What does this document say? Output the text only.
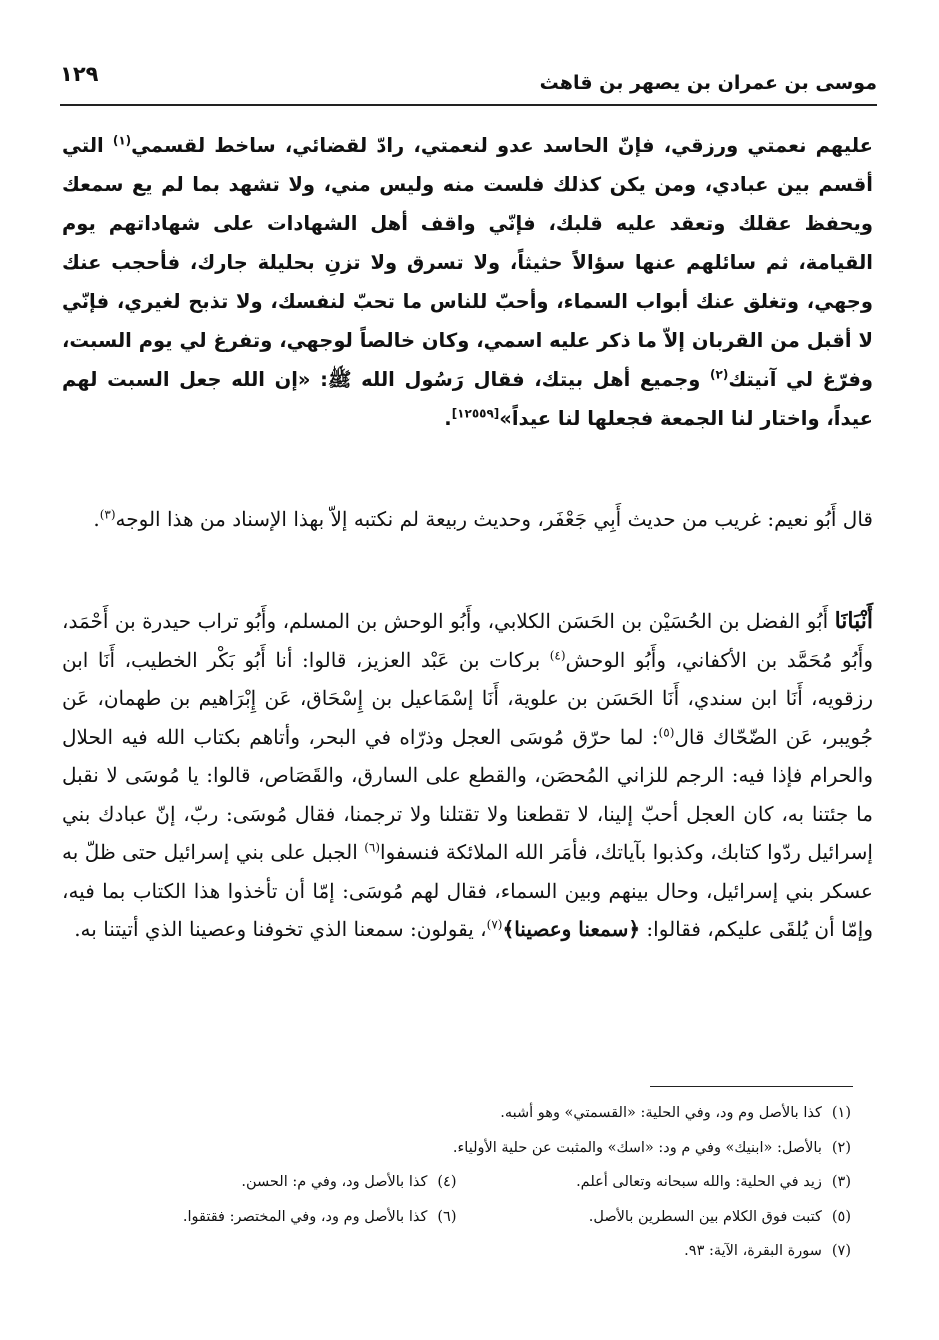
موسى بن عمران بن يصهر بن قاهث
١٢٩

عليهم نعمتي ورزقي، فإنّ الحاسد عدو لنعمتي، رادّ لقضائي، ساخط لقسمي$^{(١)}$ التي أقسم بين عبادي، ومن يكن كذلك فلست منه وليس مني، ولا تشهد بما لم يع سمعك ويحفظ عقلك وتعقد عليه قلبك، فإنّي واقف أهل الشهادات على شهاداتهم يوم القيامة، ثم سائلهم عنها سؤالاً حثيثاً، ولا تسرق ولا تزنِ بحليلة جارك، فأحجب عنك وجهي، وتغلق عنك أبواب السماء، وأحبّ للناس ما تحبّ لنفسك، ولا تذبح لغيري، فإنّي لا أقبل من القربان إلاّ ما ذكر عليه اسمي، وكان خالصاً لوجهي، وتفرغ لي يوم السبت، وفرّغ لي آنيتك$^{(٢)}$ وجميع أهل بيتك، فقال رَسُول الله ﷺ: «إن الله جعل السبت لهم عيداً، واختار لنا الجمعة فجعلها لنا عيداً»[١٢٥٥٩].

قال أَبُو نعيم: غريب من حديث أَبِي جَعْفَر، وحديث ربيعة لم نكتبه إلاّ بهذا الإسناد من هذا الوجه$^{(٣)}$.

أَنْبَانَا أَبُو الفضل بن الحُسَيْن بن الحَسَن الكلابي، وأَبُو الوحش بن المسلم، وأَبُو تراب حيدرة بن أَحْمَد، وأَبُو مُحَمَّد بن الأكفاني، وأَبُو الوحش$^{(٤)}$ بركات بن عَبْد العزيز، قالوا: أنا أَبُو بَكْر الخطيب، أَنَا ابن رزقويه، أَنَا ابن سندي، أَنَا الحَسَن بن علوية، أَنَا إسْمَاعيل بن إِسْحَاق، عَن إِبْرَاهيم بن طهمان، عَن جُويبر، عَن الضّحّاك قال$^{(٥)}$: لما حرّق مُوسَى العجل وذرّاه في البحر، وأتاهم بكتاب الله فيه الحلال والحرام فإذا فيه: الرجم للزاني المُحصَن، والقطع على السارق، والقَصَاص، قالوا: يا مُوسَى لا نقبل ما جئتنا به، كان العجل أحبّ إلينا، لا تقطعنا ولا تقتلنا ولا ترجمنا، فقال مُوسَى: ربّ، إنّ عبادك بني إسرائيل ردّوا كتابك، وكذبوا بآياتك، فأمَر الله الملائكة فنسفوا$^{(٦)}$ الجبل على بني إسرائيل حتى ظلّ به عسكر بني إسرائيل، وحال بينهم وبين السماء، فقال لهم مُوسَى: إمّا أن تأخذوا هذا الكتاب بما فيه، وإمّا أن يُلقَى عليكم، فقالوا: ﴿سمعنا وعصينا﴾$^{(٧)}$، يقولون: سمعنا الذي تخوفنا وعصينا الذي أتيتنا به.

(١)
كذا بالأصل وم ود، وفي الحلية: «القسمتي» وهو أشبه.
(٢)
بالأصل: «ابنيك» وفي م ود: «اسك» والمثبت عن حلية الأولياء.
(٣)
زيد في الحلية: والله سبحانه وتعالى أعلم.
(٤)
كذا بالأصل ود، وفي م: الحسن.
(٥)
كتبت فوق الكلام بين السطرين بالأصل.
(٦)
كذا بالأصل وم ود، وفي المختصر: فقتقوا.
(٧)
سورة البقرة، الآية: ٩٣.
